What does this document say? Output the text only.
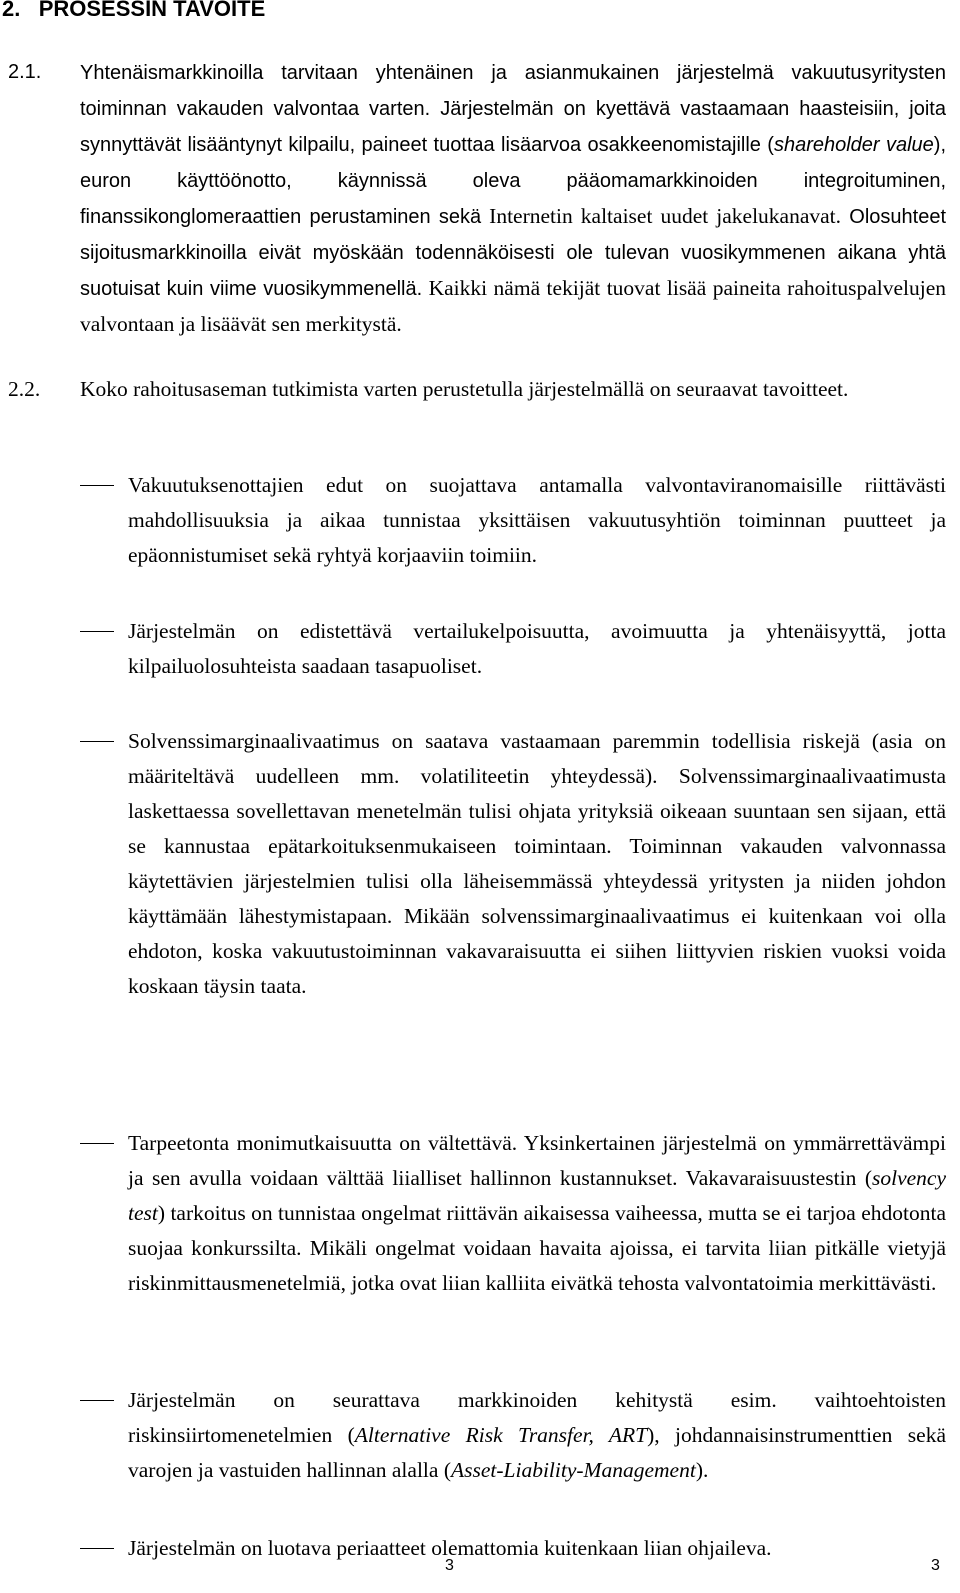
2. PROSESSIN TAVOITE
2.1.	Yhtenäismarkkinoilla tarvitaan yhtenäinen ja asianmukainen järjestelmä vakuutusyritysten toiminnan vakauden valvontaa varten. Järjestelmän on kyettävä vastaamaan haasteisiin, joita synnyttävät lisääntynyt kilpailu, paineet tuottaa lisäarvoa osakkeenomistajille (shareholder value), euron käyttöönotto, käynnissä oleva pääomamarkkinoiden integroituminen, finanssikonglomeraattien perustaminen sekä Internetin kaltaiset uudet jakelukanavat. Olosuhteet sijoitusmarkkinoilla eivät myöskään todennäköisesti ole tulevan vuosikymmenen aikana yhtä suotuisat kuin viime vuosikymmenellä. Kaikki nämä tekijät tuovat lisää paineita rahoituspalvelujen valvontaan ja lisäävät sen merkitystä.
2.2.	Koko rahoitusaseman tutkimista varten perustetulla järjestelmällä on seuraavat tavoitteet.
Vakuutuksenottajien edut on suojattava antamalla valvontaviranomaisille riittävästi mahdollisuuksia ja aikaa tunnistaa yksittäisen vakuutusyhtiön toiminnan puutteet ja epäonnistumiset sekä ryhtyä korjaaviin toimiin.
Järjestelmän on edistettävä vertailukelpoisuutta, avoimuutta ja yhtenäisyyttä, jotta kilpailuolosuhteista saadaan tasapuoliset.
Solvenssimarginaalivaatimus on saatava vastaamaan paremmin todellisia riskejä (asia on määriteltävä uudelleen mm. volatiliteetin yhteydessä). Solvenssimarginaalivaatimusta laskettaessa sovellettavan menetelmän tulisi ohjata yrityksiä oikeaan suuntaan sen sijaan, että se kannustaa epätarkoituksenmukaiseen toimintaan. Toiminnan vakauden valvonnassa käytettävien järjestelmien tulisi olla läheisemmässä yhteydessä yritysten ja niiden johdon käyttämään lähestymistapaan. Mikään solvenssimarginaalivaatimus ei kuitenkaan voi olla ehdoton, koska vakuutustoiminnan vakavaraisuutta ei siihen liittyvien riskien vuoksi voida koskaan täysin taata.
Tarpeetonta monimutkaisuutta on vältettävä. Yksinkertainen järjestelmä on ymmärrettävämpi ja sen avulla voidaan välttää liialliset hallinnon kustannukset. Vakavaraisuustestin (solvency test) tarkoitus on tunnistaa ongelmat riittävän aikaisessa vaiheessa, mutta se ei tarjoa ehdotonta suojaa konkurssilta. Mikäli ongelmat voidaan havaita ajoissa, ei tarvita liian pitkälle vietyjä riskinmittausmenetelmiä, jotka ovat liian kalliita eivätkä tehosta valvontatoimia merkittävästi.
Järjestelmän on seurattava markkinoiden kehitystä esim. vaihtoehtoisten riskinsiirtomenetelmien (Alternative Risk Transfer, ART), johdannaisinstrumenttien sekä varojen ja vastuiden hallinnan alalla (Asset-Liability-Management).
Järjestelmän on luotava periaatteet olemattomia kuitenkaan liian ohjaileva.
3	3
